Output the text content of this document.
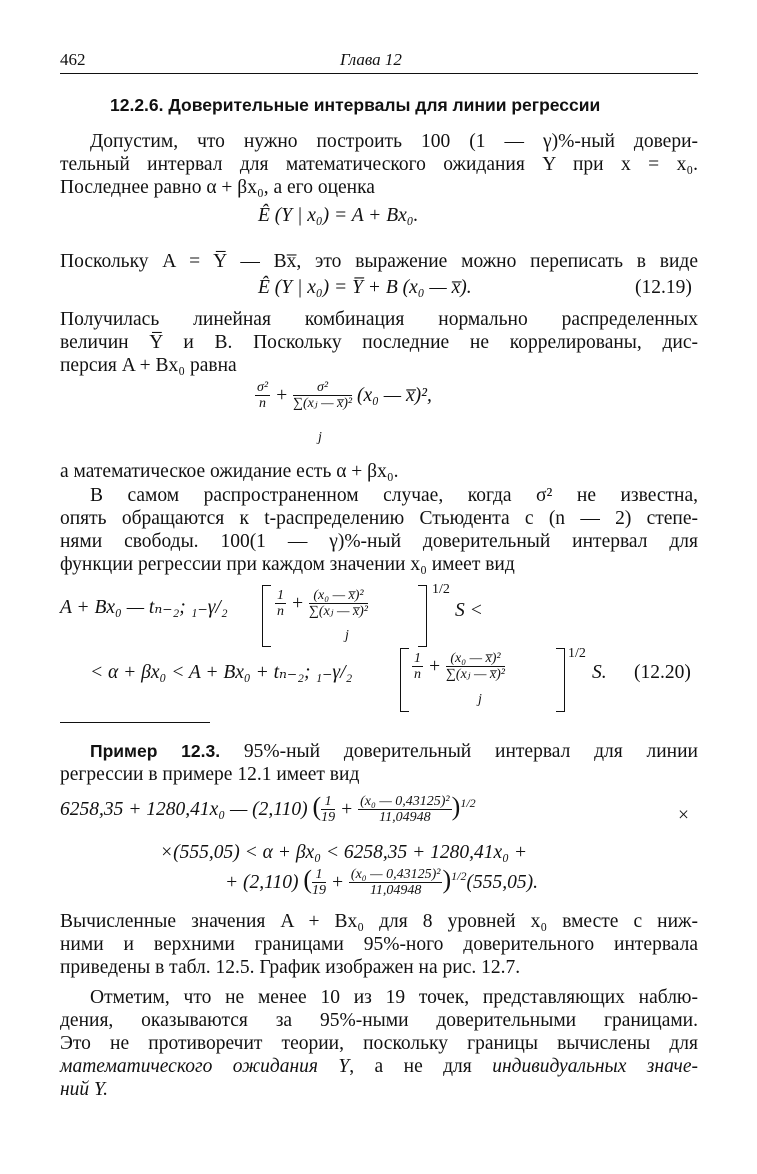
462	Глава 12
12.2.6. Доверительные интервалы для линии регрессии
Допустим, что нужно построить 100 (1 — γ)%-ный довери-
тельный интервал для математического ожидания Y при x = x₀.
Последнее равно α + βx₀, а его оценка
Ê (Y | x₀) = A + Bx₀.
Поскольку A = Y̅ — Bx̅, это выражение можно переписать в виде
Ê (Y | x₀) = Y̅ + B (x₀ — x̅).	(12.19)
Получилась линейная комбинация нормально распределенных
величин Y̅ и B. Поскольку последние не коррелированы, дис-
персия A + Bx₀ равна
$\frac{\text{σ²}}{n} + \frac{\text{σ²}}{\text{∑(xⱼ — x̅)²}} (x_0$ — x̅)²,
j
а математическое ожидание есть α + βx₀.
В самом распространенном случае, когда σ² не известна,
опять обращаются к t-распределению Стьюдента с (n — 2) степе-
нями свободы. 100(1 — γ)%-ный доверительный интервал для
функции регрессии при каждом значении x₀ имеет вид
A + Bx₀ — tₙ₋₂; ₁₋γ/₂	$\frac{1}{n} + \frac{\text{(x₀ — x̅)²}}{\text{∑(xⱼ — x̅)²}}$
j
1/2
S <
< α + βx₀ < A + Bx₀ + tₙ₋₂; ₁₋γ/₂	$\frac{1}{n} + \frac{\text{(x₀ — x̅)²}}{\text{∑(xⱼ — x̅)²}}$
j
1/2
S. (12.20)
Пример 12.3. 95%-ный доверительный интервал для линии
регрессии в примере 12.1 имеет вид
6258,35 + 1280,41x₀ — (2,110) ( $\frac{1}{19} + \frac{\text{(x₀ — 0,43125)²}}{11,04948} )^{1/2}$
×
×(555,05) < α + βx₀ < 6258,35 + 1280,41x₀ +
+ (2,110) ( $\frac{1}{19} + \frac{\text{(x₀ — 0,43125)²}}{11,04948} )^{1/2}(555,05)$.
Вычисленные значения A + Bx₀ для 8 уровней x₀ вместе с ниж-
ними и верхними границами 95%-ного доверительного интервала
приведены в табл. 12.5. График изображен на рис. 12.7.
Отметим, что не менее 10 из 19 точек, представляющих наблю-
дения, оказываются за 95%-ными доверительными границами.
Это не противоречит теории, поскольку границы вычислены для
математического ожидания Y, а не для индивидуальных значе-
ний Y.
